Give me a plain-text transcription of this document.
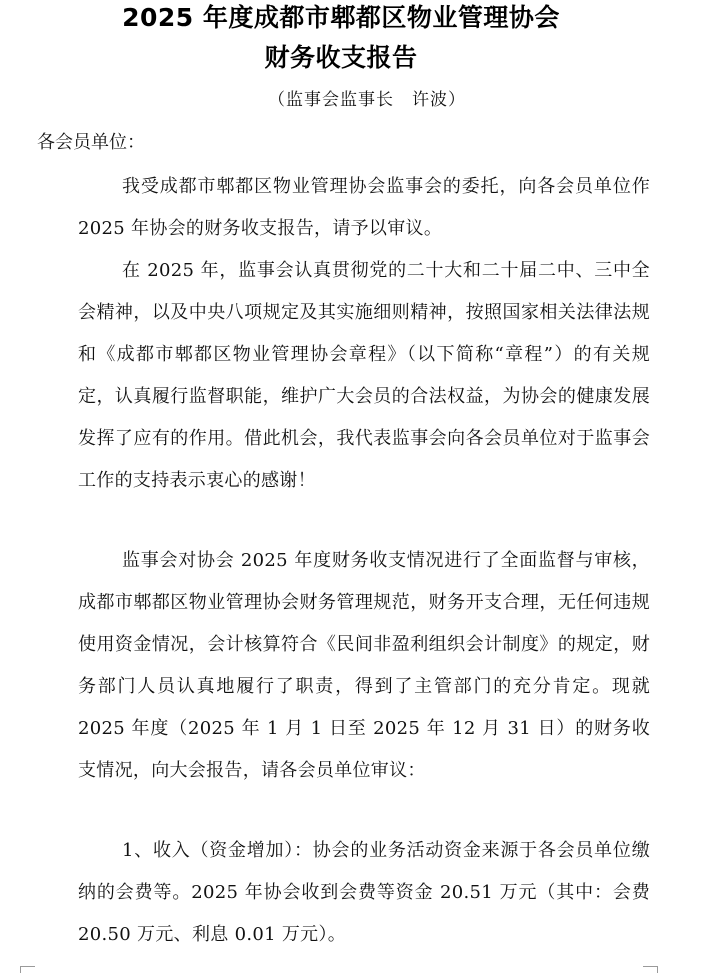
2025 年度成都市郫都区物业管理协会
财务收支报告
（监事会监事长　许波）
各会员单位：

我受成都市郫都区物业管理协会监事会的委托，向各会员单位作 2025 年协会的财务收支报告，请予以审议。

在 2025 年，监事会认真贯彻党的二十大和二十届二中、三中全会精神，以及中央八项规定及其实施细则精神，按照国家相关法律法规和《成都市郫都区物业管理协会章程》（以下简称“章程”）的有关规定，认真履行监督职能，维护广大会员的合法权益，为协会的健康发展发挥了应有的作用。借此机会，我代表监事会向各会员单位对于监事会工作的支持表示衷心的感谢！

监事会对协会 2025 年度财务收支情况进行了全面监督与审核，成都市郫都区物业管理协会财务管理规范，财务开支合理，无任何违规使用资金情况，会计核算符合《民间非盈利组织会计制度》的规定，财务部门人员认真地履行了职责，得到了主管部门的充分肯定。现就 2025 年度（2025 年 1 月 1 日至 2025 年 12 月 31 日）的财务收支情况，向大会报告，请各会员单位审议：

1、收入（资金增加）：协会的业务活动资金来源于各会员单位缴纳的会费等。2025 年协会收到会费等资金 20.51 万元（其中：会费 20.50 万元、利息 0.01 万元）。
